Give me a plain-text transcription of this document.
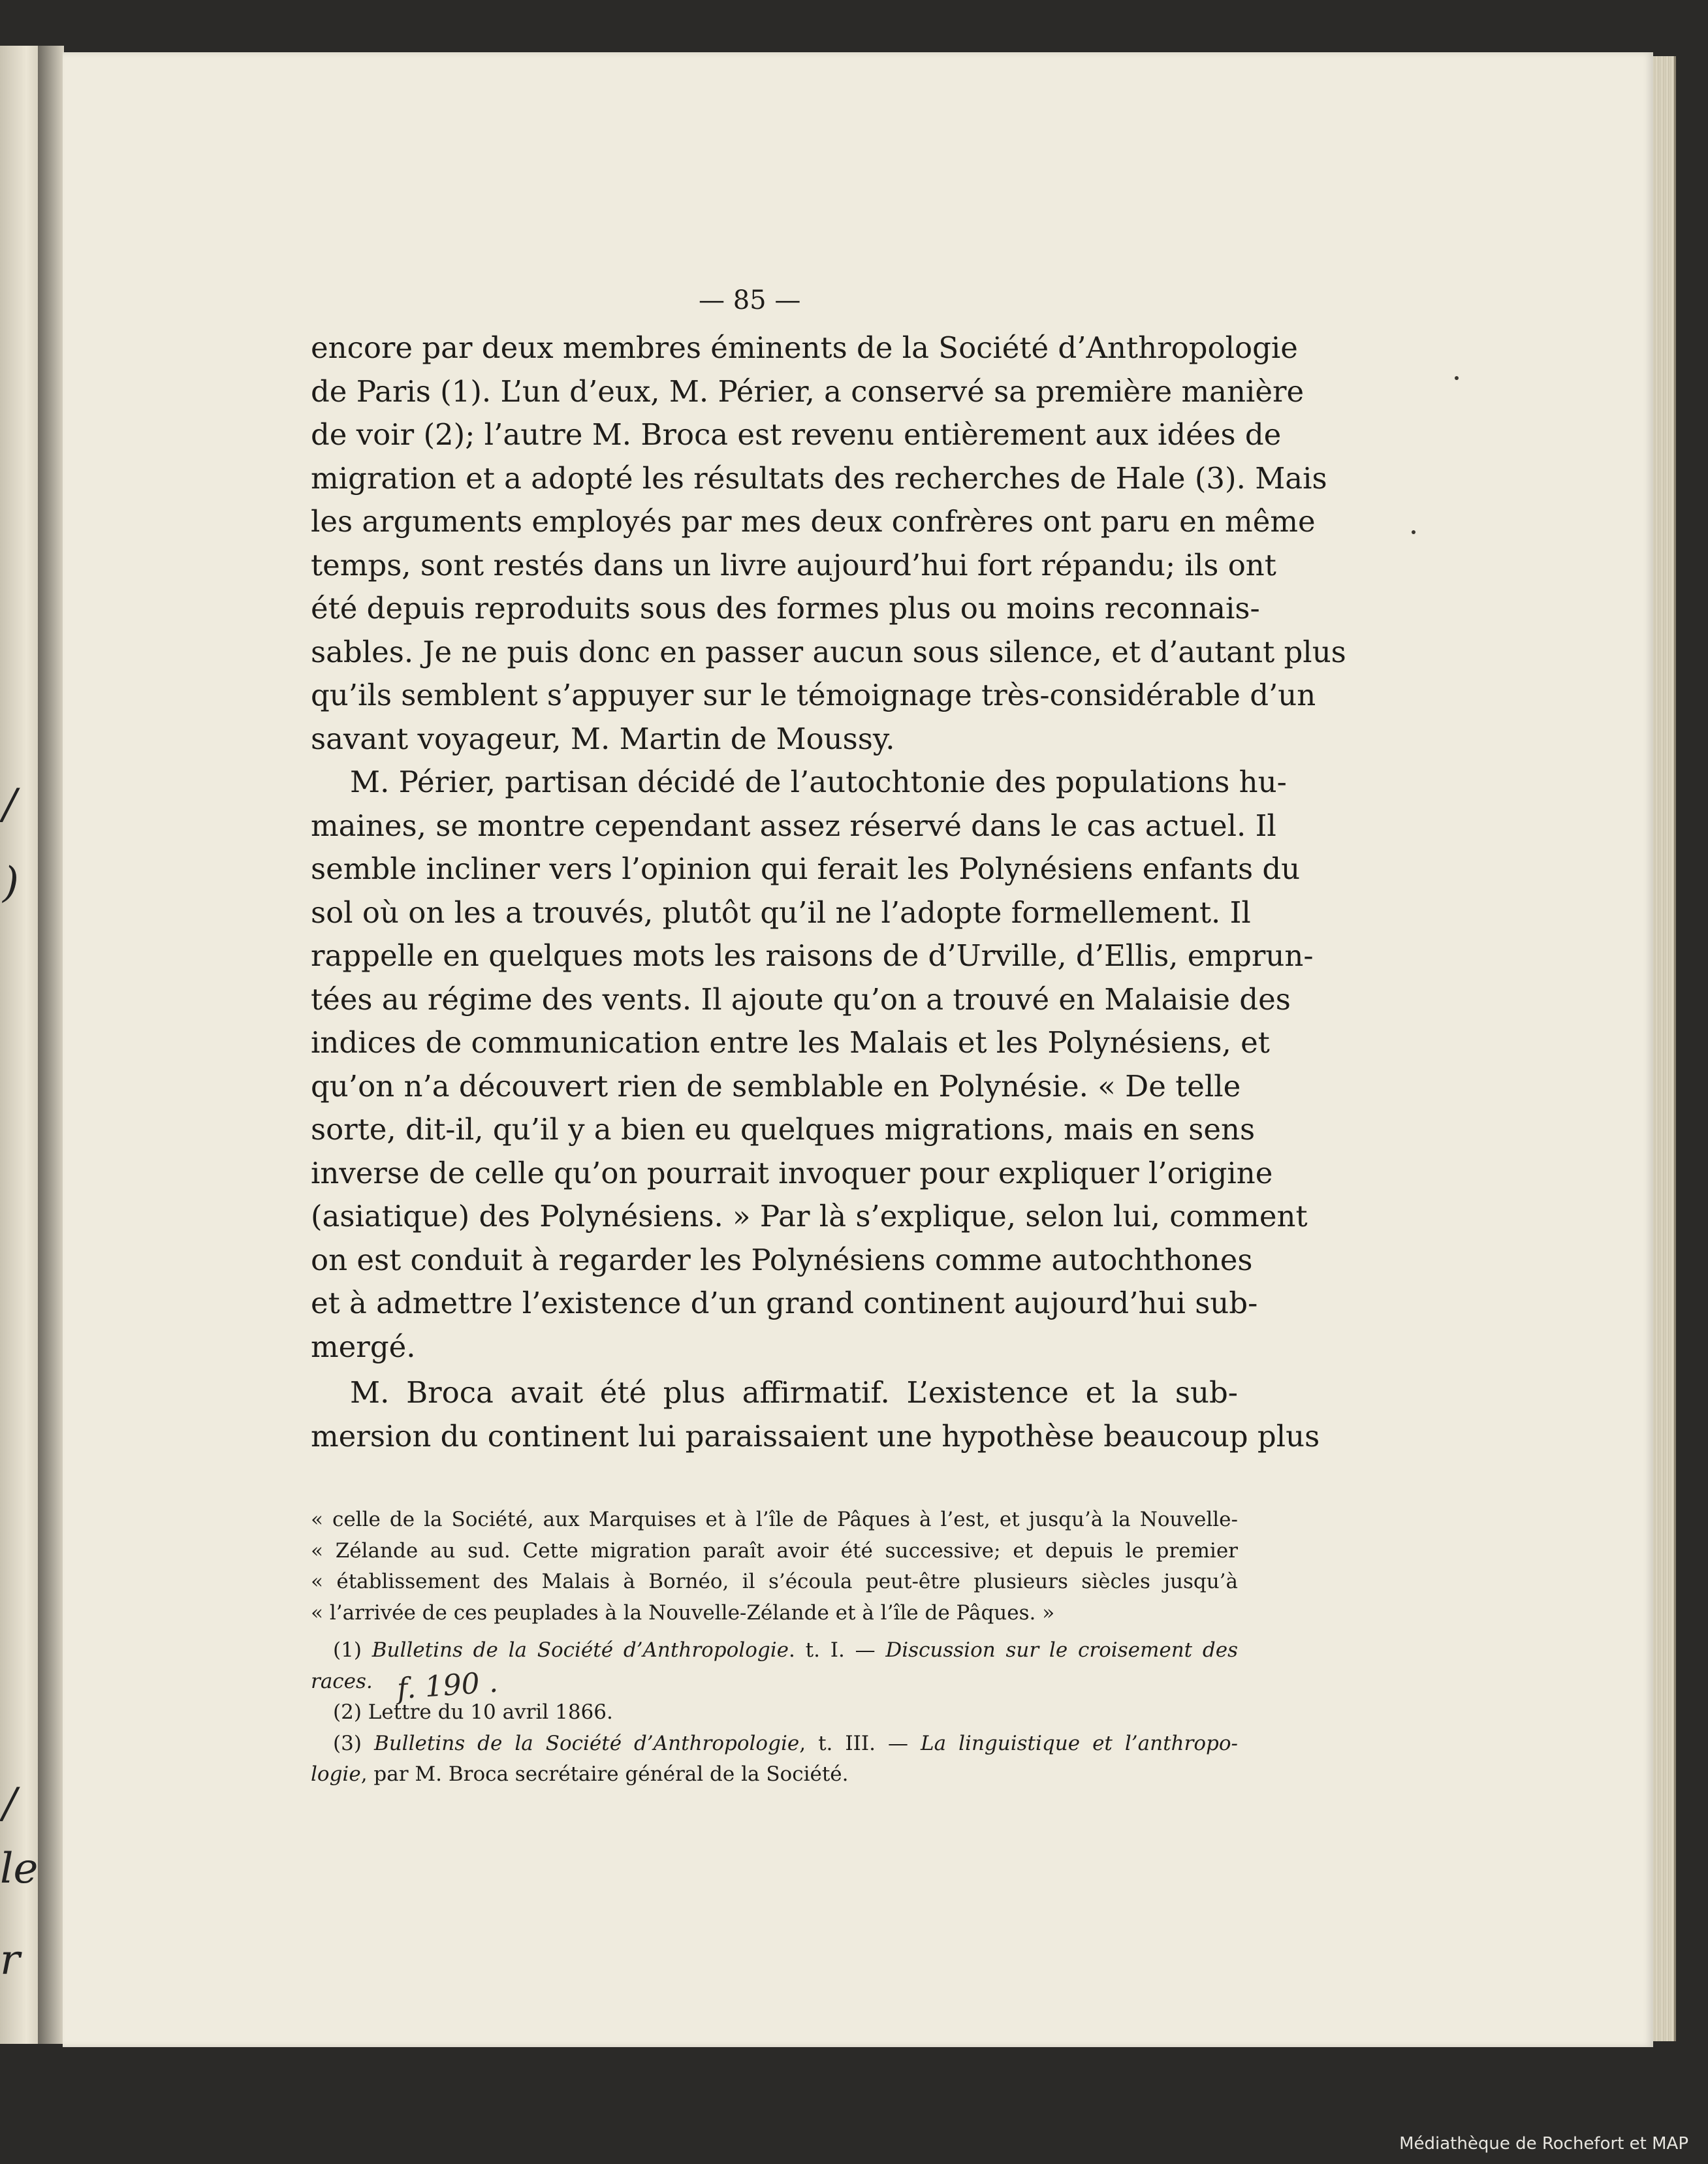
/
)
/
le
r
— 85 —
encore par deux membres éminents de la Société d’Anthropologie
de Paris (1). L’un d’eux, M. Périer, a conservé sa première manière
de voir (2); l’autre M. Broca est revenu entièrement aux idées de
migration et a adopté les résultats des recherches de Hale (3). Mais
les arguments employés par mes deux confrères ont paru en même
temps, sont restés dans un livre aujourd’hui fort répandu; ils ont
été depuis reproduits sous des formes plus ou moins reconnais-
sables. Je ne puis donc en passer aucun sous silence, et d’autant plus
qu’ils semblent s’appuyer sur le témoignage très-considérable d’un
savant voyageur, M. Martin de Moussy.
M. Périer, partisan décidé de l’autochtonie des populations hu-
maines, se montre cependant assez réservé dans le cas actuel. Il
semble incliner vers l’opinion qui ferait les Polynésiens enfants du
sol où on les a trouvés, plutôt qu’il ne l’adopte formellement. Il
rappelle en quelques mots les raisons de d’Urville, d’Ellis, emprun-
tées au régime des vents. Il ajoute qu’on a trouvé en Malaisie des
indices de communication entre les Malais et les Polynésiens, et
qu’on n’a découvert rien de semblable en Polynésie. « De telle
sorte, dit-il, qu’il y a bien eu quelques migrations, mais en sens
inverse de celle qu’on pourrait invoquer pour expliquer l’origine
(asiatique) des Polynésiens. » Par là s’explique, selon lui, comment
on est conduit à regarder les Polynésiens comme autochthones
et à admettre l’existence d’un grand continent aujourd’hui sub-
mergé.
M. Broca avait été plus affirmatif. L’existence et la sub-
mersion du continent lui paraissaient une hypothèse beaucoup plus
« celle de la Société, aux Marquises et à l’île de Pâques à l’est, et jusqu’à la Nouvelle-
« Zélande au sud. Cette migration paraît avoir été successive; et depuis le premier
« établissement des Malais à Bornéo, il s’écoula peut-être plusieurs siècles jusqu’à
« l’arrivée de ces peuplades à la Nouvelle-Zélande et à l’île de Pâques. »
(1) Bulletins de la Société d’Anthropologie. t. I. — Discussion sur le croisement des
races.
(2) Lettre du 10 avril 1866.
(3) Bulletins de la Société d’Anthropologie, t. III. — La linguistique et l’anthropo-
logie, par M. Broca secrétaire général de la Société.
f. 190 .
Médiathèque de Rochefort et MAP
